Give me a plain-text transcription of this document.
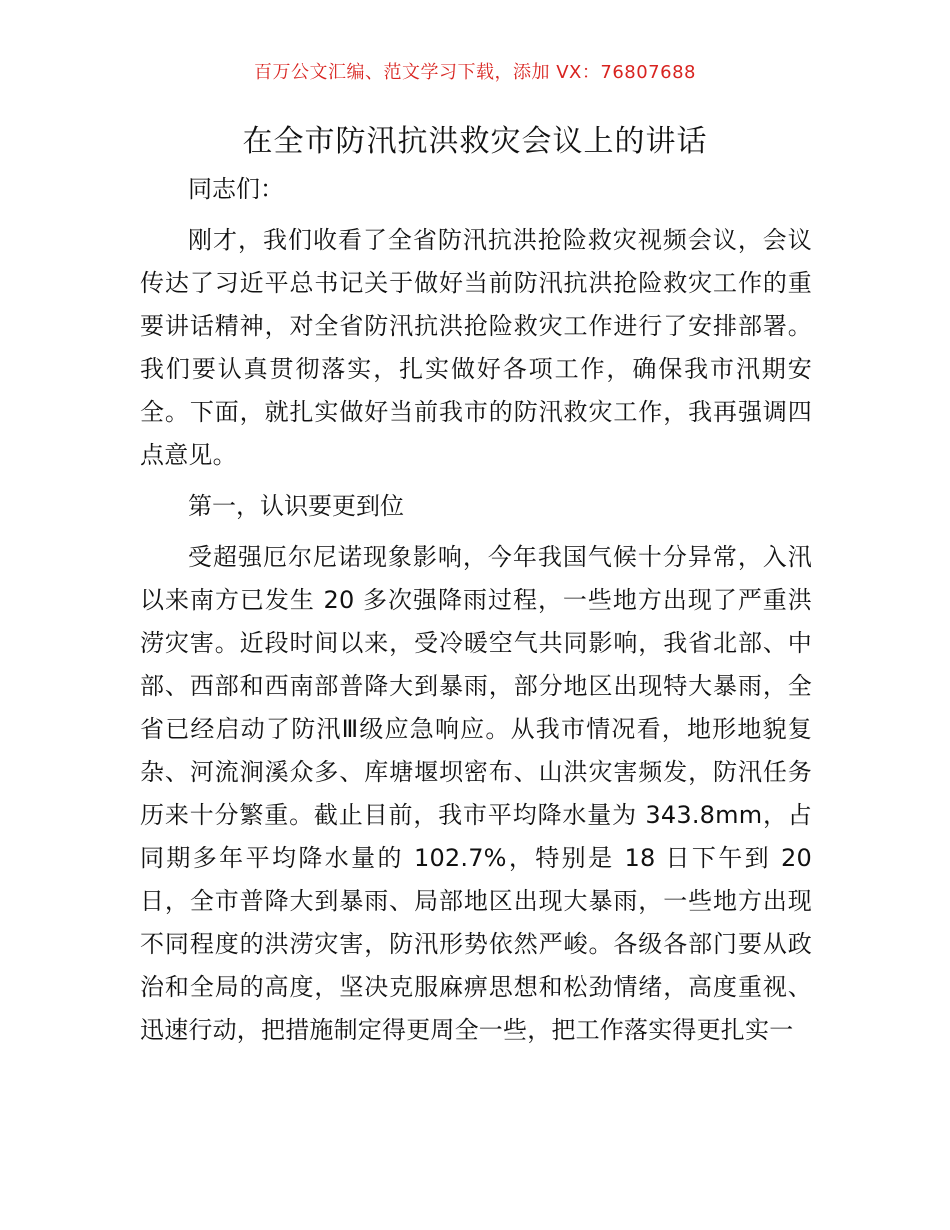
百万公文汇编、范文学习下载，添加 VX：76807688
在全市防汛抗洪救灾会议上的讲话

同志们：

刚才，我们收看了全省防汛抗洪抢险救灾视频会议，会议传达了习近平总书记关于做好当前防汛抗洪抢险救灾工作的重要讲话精神，对全省防汛抗洪抢险救灾工作进行了安排部署。我们要认真贯彻落实，扎实做好各项工作，确保我市汛期安全。下面，就扎实做好当前我市的防汛救灾工作，我再强调四点意见。

第一，认识要更到位

受超强厄尔尼诺现象影响，今年我国气候十分异常，入汛以来南方已发生 20 多次强降雨过程，一些地方出现了严重洪涝灾害。近段时间以来，受冷暖空气共同影响，我省北部、中部、西部和西南部普降大到暴雨，部分地区出现特大暴雨，全省已经启动了防汛Ⅲ级应急响应。从我市情况看，地形地貌复杂、河流涧溪众多、库塘堰坝密布、山洪灾害频发，防汛任务历来十分繁重。截止目前，我市平均降水量为 343.8mm，占同期多年平均降水量的 102.7%，特别是 18 日下午到 20 日，全市普降大到暴雨、局部地区出现大暴雨，一些地方出现不同程度的洪涝灾害，防汛形势依然严峻。各级各部门要从政治和全局的高度，坚决克服麻痹思想和松劲情绪，高度重视、迅速行动，把措施制定得更周全一些，把工作落实得更扎实一
